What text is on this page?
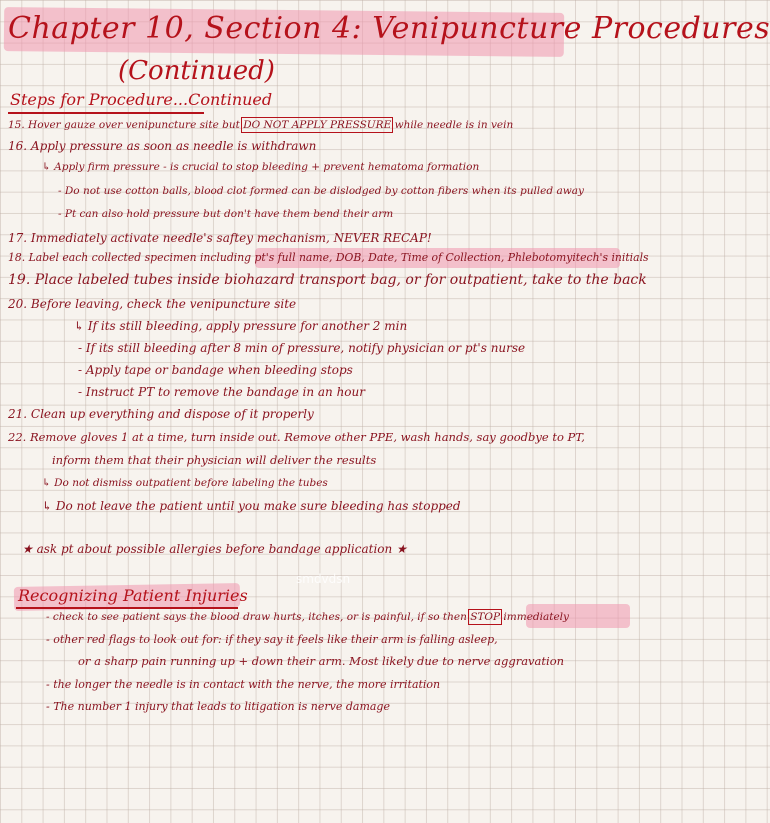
Chapter 10, Section 4: Venipuncture Procedures
(Continued)
Steps for Procedure...Continued
15. Hover gauze over venipuncture site but DO NOT APPLY PRESSURE while needle is in vein
16. Apply pressure as soon as needle is withdrawn
↳ Apply firm pressure - is crucial to stop bleeding + prevent hematoma formation
- Do not use cotton balls, blood clot formed can be dislodged by cotton fibers when its pulled away
- Pt can also hold pressure but don't have them bend their arm
17. Immediately activate needle's saftey mechanism, NEVER RECAP!
18. Label each collected specimen including pt's full name, DOB, Date, Time of Collection, Phlebotomyitech's initials
19. Place labeled tubes inside biohazard transport bag, or for outpatient, take to the back
20. Before leaving, check the venipuncture site
↳ If its still bleeding, apply pressure for another 2 min
- If its still bleeding after 8 min of pressure, notify physician or pt's nurse
- Apply tape or bandage when bleeding stops
- Instruct PT to remove the bandage in an hour
21. Clean up everything and dispose of it properly
22. Remove gloves 1 at a time, turn inside out. Remove other PPE, wash hands, say goodbye to PT,
inform them that their physician will deliver the results
↳ Do not dismiss outpatient before labeling the tubes
↳ Do not leave the patient until you make sure bleeding has stopped
★ ask pt about possible allergies before bandage application ★
smdvdsn
Recognizing Patient Injuries
- check to see patient says the blood draw hurts, itches, or is painful, if so then STOP immediately
- other red flags to look out for: if they say it feels like their arm is falling asleep,
or a sharp pain running up + down their arm. Most likely due to nerve aggravation
- the longer the needle is in contact with the nerve, the more irritation
- The number 1 injury that leads to litigation is nerve damage
